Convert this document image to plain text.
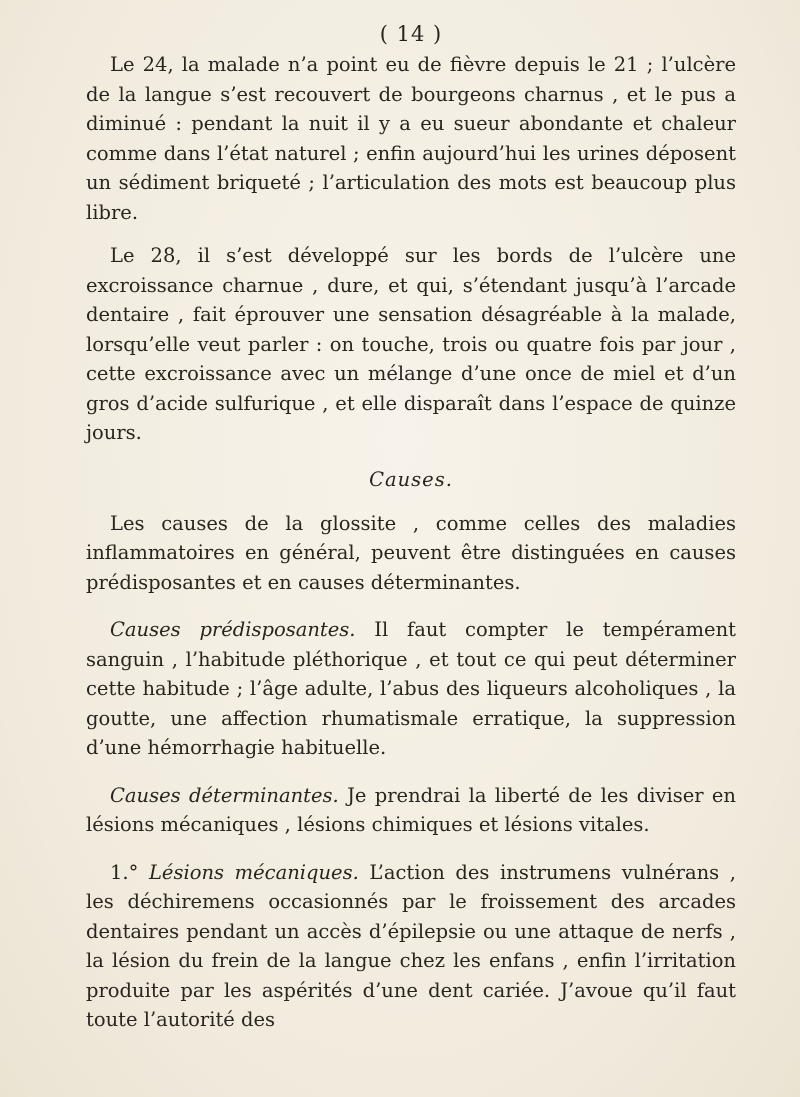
( 14 )

Le 24, la malade n’a point eu de fièvre depuis le 21 ; l’ulcère de la langue s’est recouvert de bourgeons charnus , et le pus a diminué : pendant la nuit il y a eu sueur abondante et chaleur comme dans l’état naturel ; enfin aujourd’hui les urines déposent un sédiment briqueté ; l’articulation des mots est beaucoup plus libre.

Le 28, il s’est développé sur les bords de l’ulcère une excroissance charnue , dure, et qui, s’étendant jusqu’à l’arcade dentaire , fait éprouver une sensation désagréable à la malade, lorsqu’elle veut parler : on touche, trois ou quatre fois par jour , cette excroissance avec un mélange d’une once de miel et d’un gros d’acide sulfurique , et elle disparaît dans l’espace de quinze jours.

Causes.

Les causes de la glossite , comme celles des maladies inflammatoires en général, peuvent être distinguées en causes prédisposantes et en causes déterminantes.

Causes prédisposantes. Il faut compter le tempérament sanguin , l’habitude pléthorique , et tout ce qui peut déterminer cette habitude ; l’âge adulte, l’abus des liqueurs alcoholiques , la goutte, une affection rhumatismale erratique, la suppression d’une hémorrhagie habituelle.

Causes déterminantes. Je prendrai la liberté de les diviser en lésions mécaniques , lésions chimiques et lésions vitales.

1.° Lésions mécaniques. L’action des instrumens vulnérans , les déchiremens occasionnés par le froissement des arcades dentaires pendant un accès d’épilepsie ou une attaque de nerfs , la lésion du frein de la langue chez les enfans , enfin l’irritation produite par les aspérités d’une dent cariée. J’avoue qu’il faut toute l’autorité des
